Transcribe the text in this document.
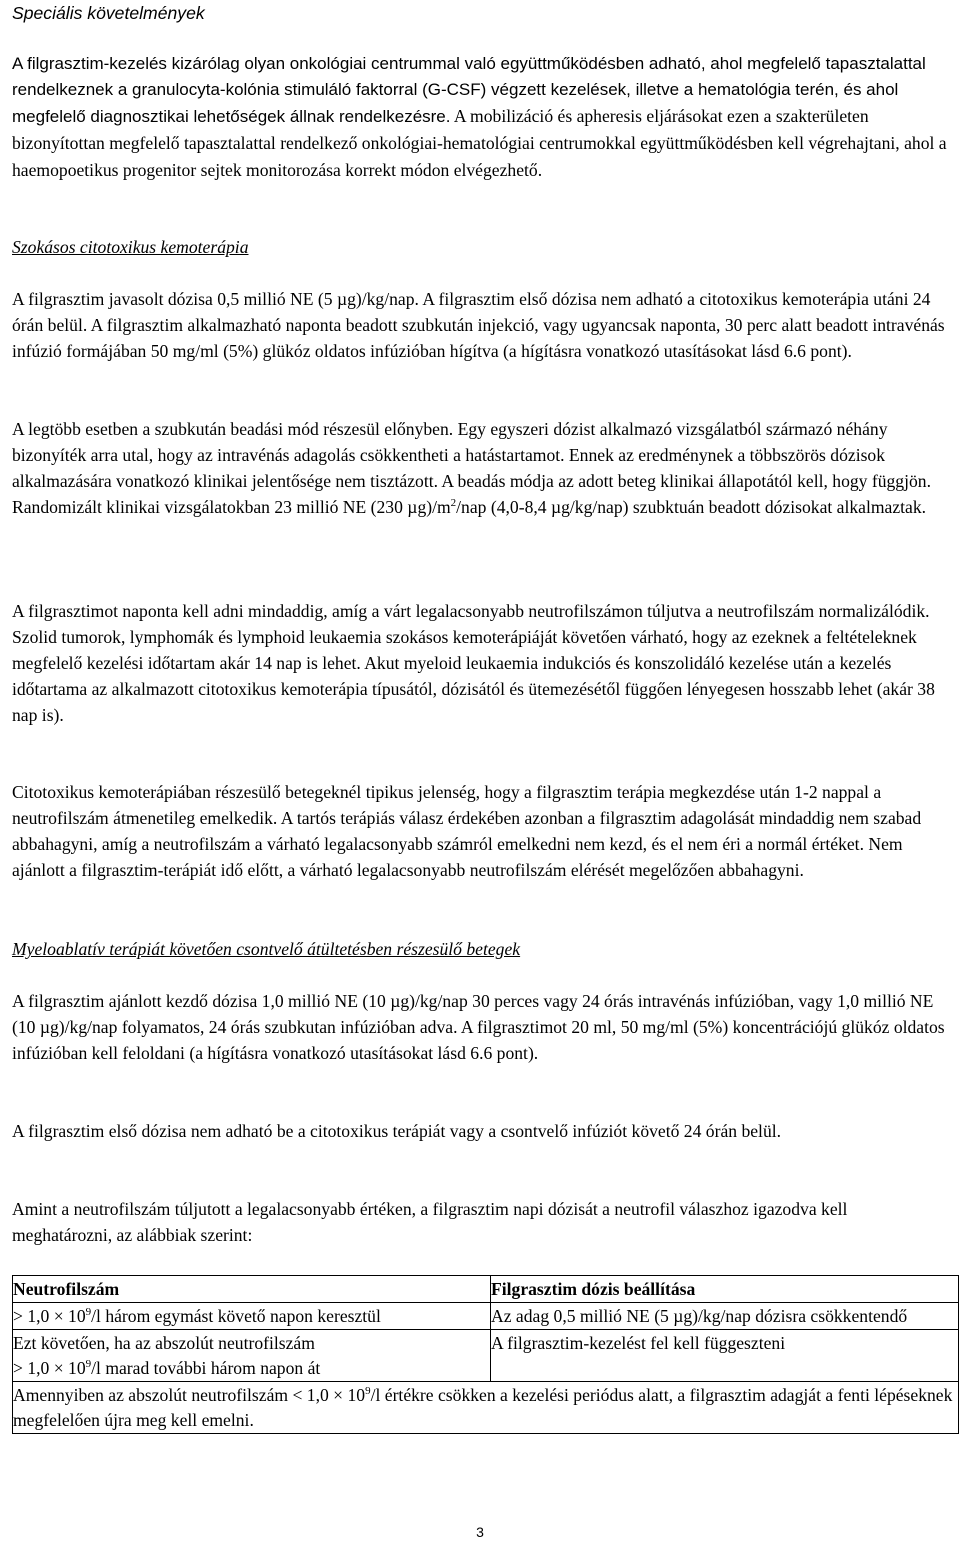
Speciális követelmények

A filgrasztim-kezelés kizárólag olyan onkológiai centrummal való együttműködésben adható, ahol megfelelő tapasztalattal rendelkeznek a granulocyta-kolónia stimuláló faktorral (G-CSF) végzett kezelések, illetve a hematológia terén, és ahol megfelelő diagnosztikai lehetőségek állnak rendelkezésre. A mobilizáció és apheresis eljárásokat ezen a szakterületen bizonyítottan megfelelő tapasztalattal rendelkező onkológiai-hematológiai centrumokkal együttműködésben kell végrehajtani, ahol a haemopoetikus progenitor sejtek monitorozása korrekt módon elvégezhető.

Szokásos citotoxikus kemoterápia

A filgrasztim javasolt dózisa 0,5 millió NE (5 µg)/kg/nap. A filgrasztim első dózisa nem adható a citotoxikus kemoterápia utáni 24 órán belül. A filgrasztim alkalmazható naponta beadott szubkután injekció, vagy ugyancsak naponta, 30 perc alatt beadott intravénás infúzió formájában 50 mg/ml (5%) glükóz oldatos infúzióban hígítva (a hígításra vonatkozó utasításokat lásd 6.6 pont).

A legtöbb esetben a szubkután beadási mód részesül előnyben. Egy egyszeri dózist alkalmazó vizsgálatból származó néhány bizonyíték arra utal, hogy az intravénás adagolás csökkentheti a hatástartamot. Ennek az eredménynek a többszörös dózisok alkalmazására vonatkozó klinikai jelentősége nem tisztázott. A beadás módja az adott beteg klinikai állapotától kell, hogy függjön. Randomizált klinikai vizsgálatokban 23 millió NE (230 $\mu g)/m^2$/nap (4,0-8,4 µg/kg/nap) szubktuán beadott dózisokat alkalmaztak.

A filgrasztimot naponta kell adni mindaddig, amíg a várt legalacsonyabb neutrofilszámon túljutva a neutrofilszám normalizálódik. Szolid tumorok, lymphomák és lymphoid leukaemia szokásos kemoterápiáját követően várható, hogy az ezeknek a feltételeknek megfelelő kezelési időtartam akár 14 nap is lehet. Akut myeloid leukaemia indukciós és konszolidáló kezelése után a kezelés időtartama az alkalmazott citotoxikus kemoterápia típusától, dózisától és ütemezésétől függően lényegesen hosszabb lehet (akár 38 nap is).

Citotoxikus kemoterápiában részesülő betegeknél tipikus jelenség, hogy a filgrasztim terápia megkezdése után 1-2 nappal a neutrofilszám átmenetileg emelkedik. A tartós terápiás válasz érdekében azonban a filgrasztim adagolását mindaddig nem szabad abbahagyni, amíg a neutrofilszám a várható legalacsonyabb számról emelkedni nem kezd, és el nem éri a normál értéket. Nem ajánlott a filgrasztim-terápiát idő előtt, a várható legalacsonyabb neutrofilszám elérését megelőzően abbahagyni.

Myeloablatív terápiát követően csontvelő átültetésben részesülő betegek

A filgrasztim ajánlott kezdő dózisa 1,0 millió NE (10 µg)/kg/nap 30 perces vagy 24 órás intravénás infúzióban, vagy 1,0 millió NE (10 µg)/kg/nap folyamatos, 24 órás szubkutan infúzióban adva. A filgrasztimot 20 ml, 50 mg/ml (5%) koncentrációjú glükóz oldatos infúzióban kell feloldani (a hígításra vonatkozó utasításokat lásd 6.6 pont).

A filgrasztim első dózisa nem adható be a citotoxikus terápiát vagy a csontvelő infúziót követő 24 órán belül.

Amint a neutrofilszám túljutott a legalacsonyabb értéken, a filgrasztim napi dózisát a neutrofil válaszhoz igazodva kell meghatározni, az alábbiak szerint:

Neutrofilszám	Filgrasztim dózis beállítása
> $1,0 \times 10^9/l$ három egymást követő napon keresztül	Az adag 0,5 millió NE (5 µg)/kg/nap dózisra csökkentendő
Ezt követően, ha az abszolút neutrofilszám
> $1,0 \times 10^9/l$ marad további három napon át	A filgrasztim-kezelést fel kell függeszteni
Amennyiben az abszolút neutrofilszám < $1,0 \times 10^9/l$ értékre csökken a kezelési periódus alatt, a filgrasztim adagját a fenti lépéseknek megfelelően újra meg kell emelni.	
3
